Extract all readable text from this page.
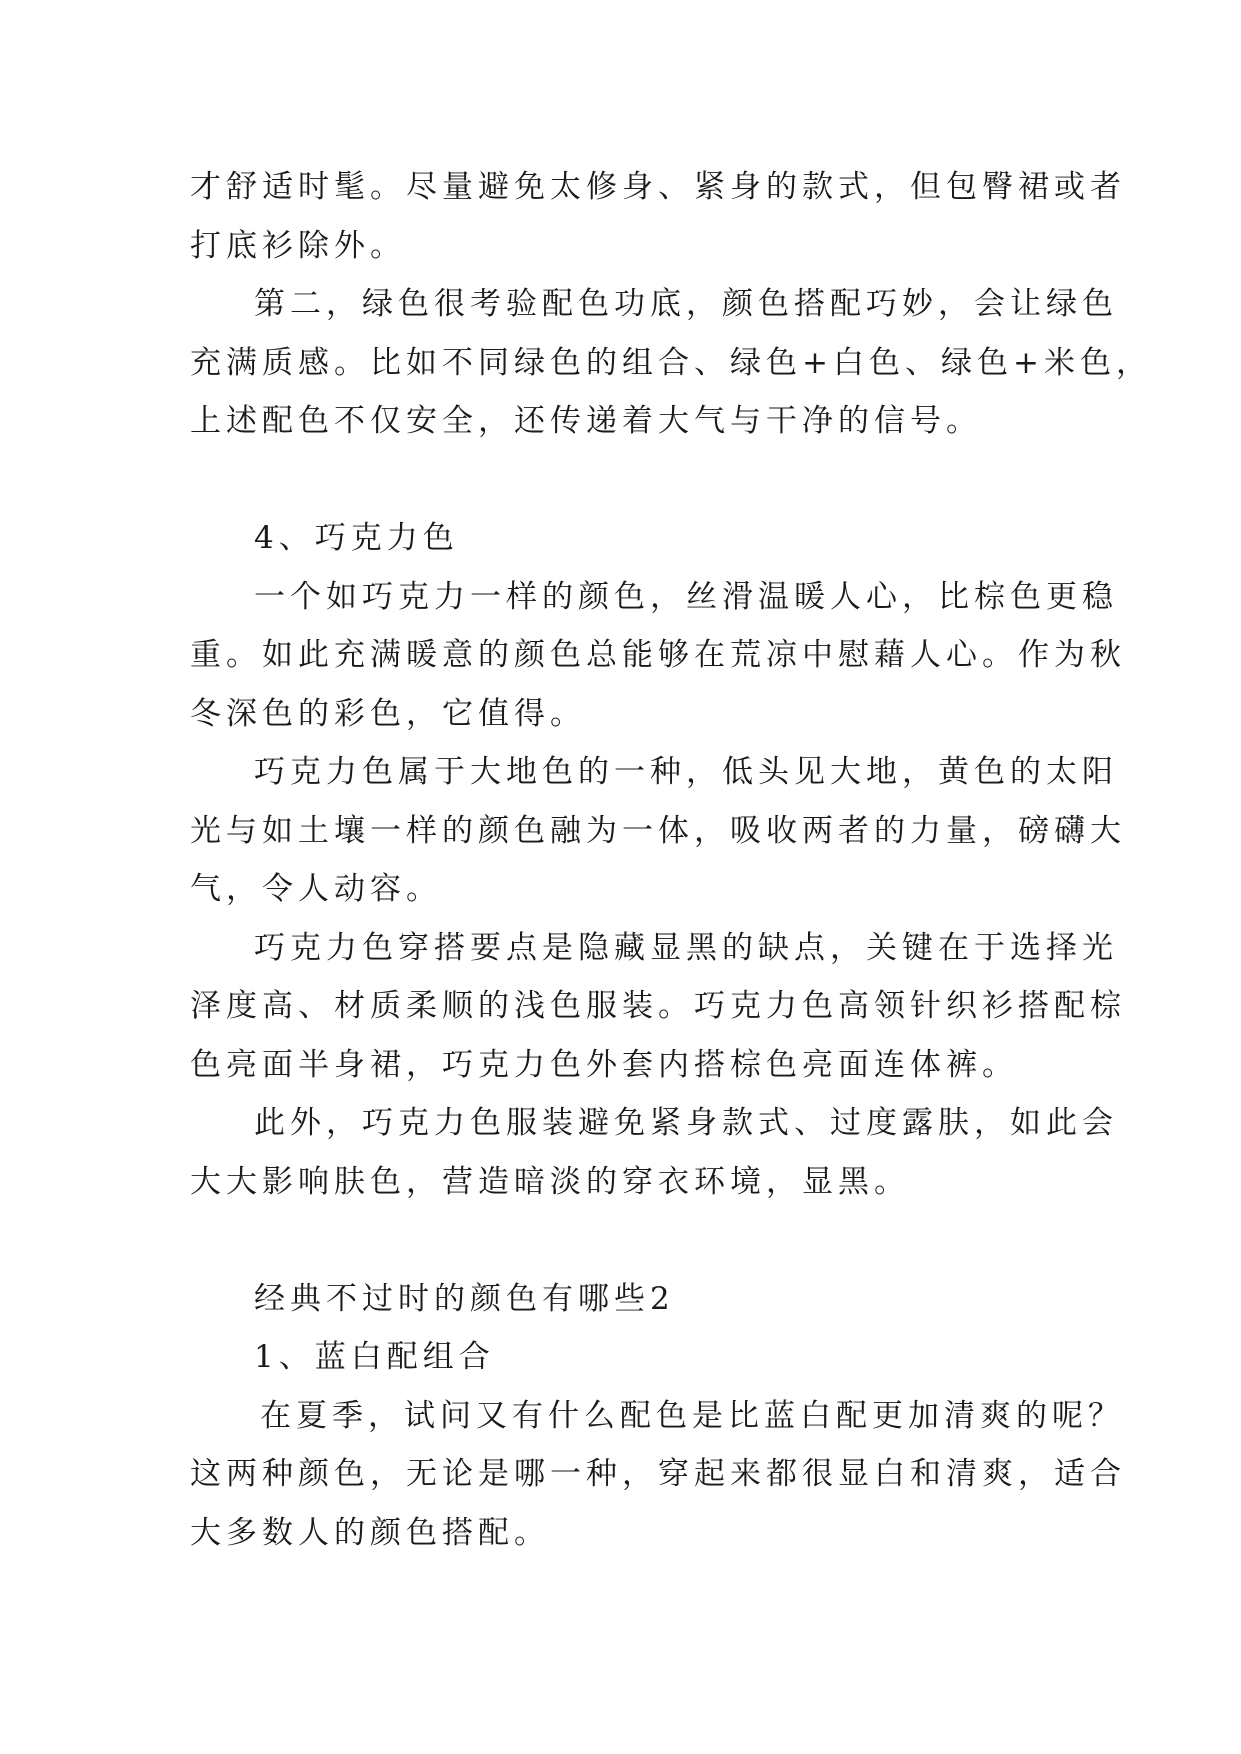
才舒适时髦。尽量避免太修身、紧身的款式，但包臀裙或者
打底衫除外。
第二，绿色很考验配色功底，颜色搭配巧妙，会让绿色
充满质感。比如不同绿色的组合、绿色+白色、绿色+米色，
上述配色不仅安全，还传递着大气与干净的信号。
4、巧克力色
一个如巧克力一样的颜色，丝滑温暖人心，比棕色更稳
重。如此充满暖意的颜色总能够在荒凉中慰藉人心。作为秋
冬深色的彩色，它值得。
巧克力色属于大地色的一种，低头见大地，黄色的太阳
光与如土壤一样的颜色融为一体，吸收两者的力量，磅礴大
气，令人动容。
巧克力色穿搭要点是隐藏显黑的缺点，关键在于选择光
泽度高、材质柔顺的浅色服装。巧克力色高领针织衫搭配棕
色亮面半身裙，巧克力色外套内搭棕色亮面连体裤。
此外，巧克力色服装避免紧身款式、过度露肤，如此会
大大影响肤色，营造暗淡的穿衣环境，显黑。
经典不过时的颜色有哪些2
1、蓝白配组合
在夏季，试问又有什么配色是比蓝白配更加清爽的呢？
这两种颜色，无论是哪一种，穿起来都很显白和清爽，适合
大多数人的颜色搭配。
